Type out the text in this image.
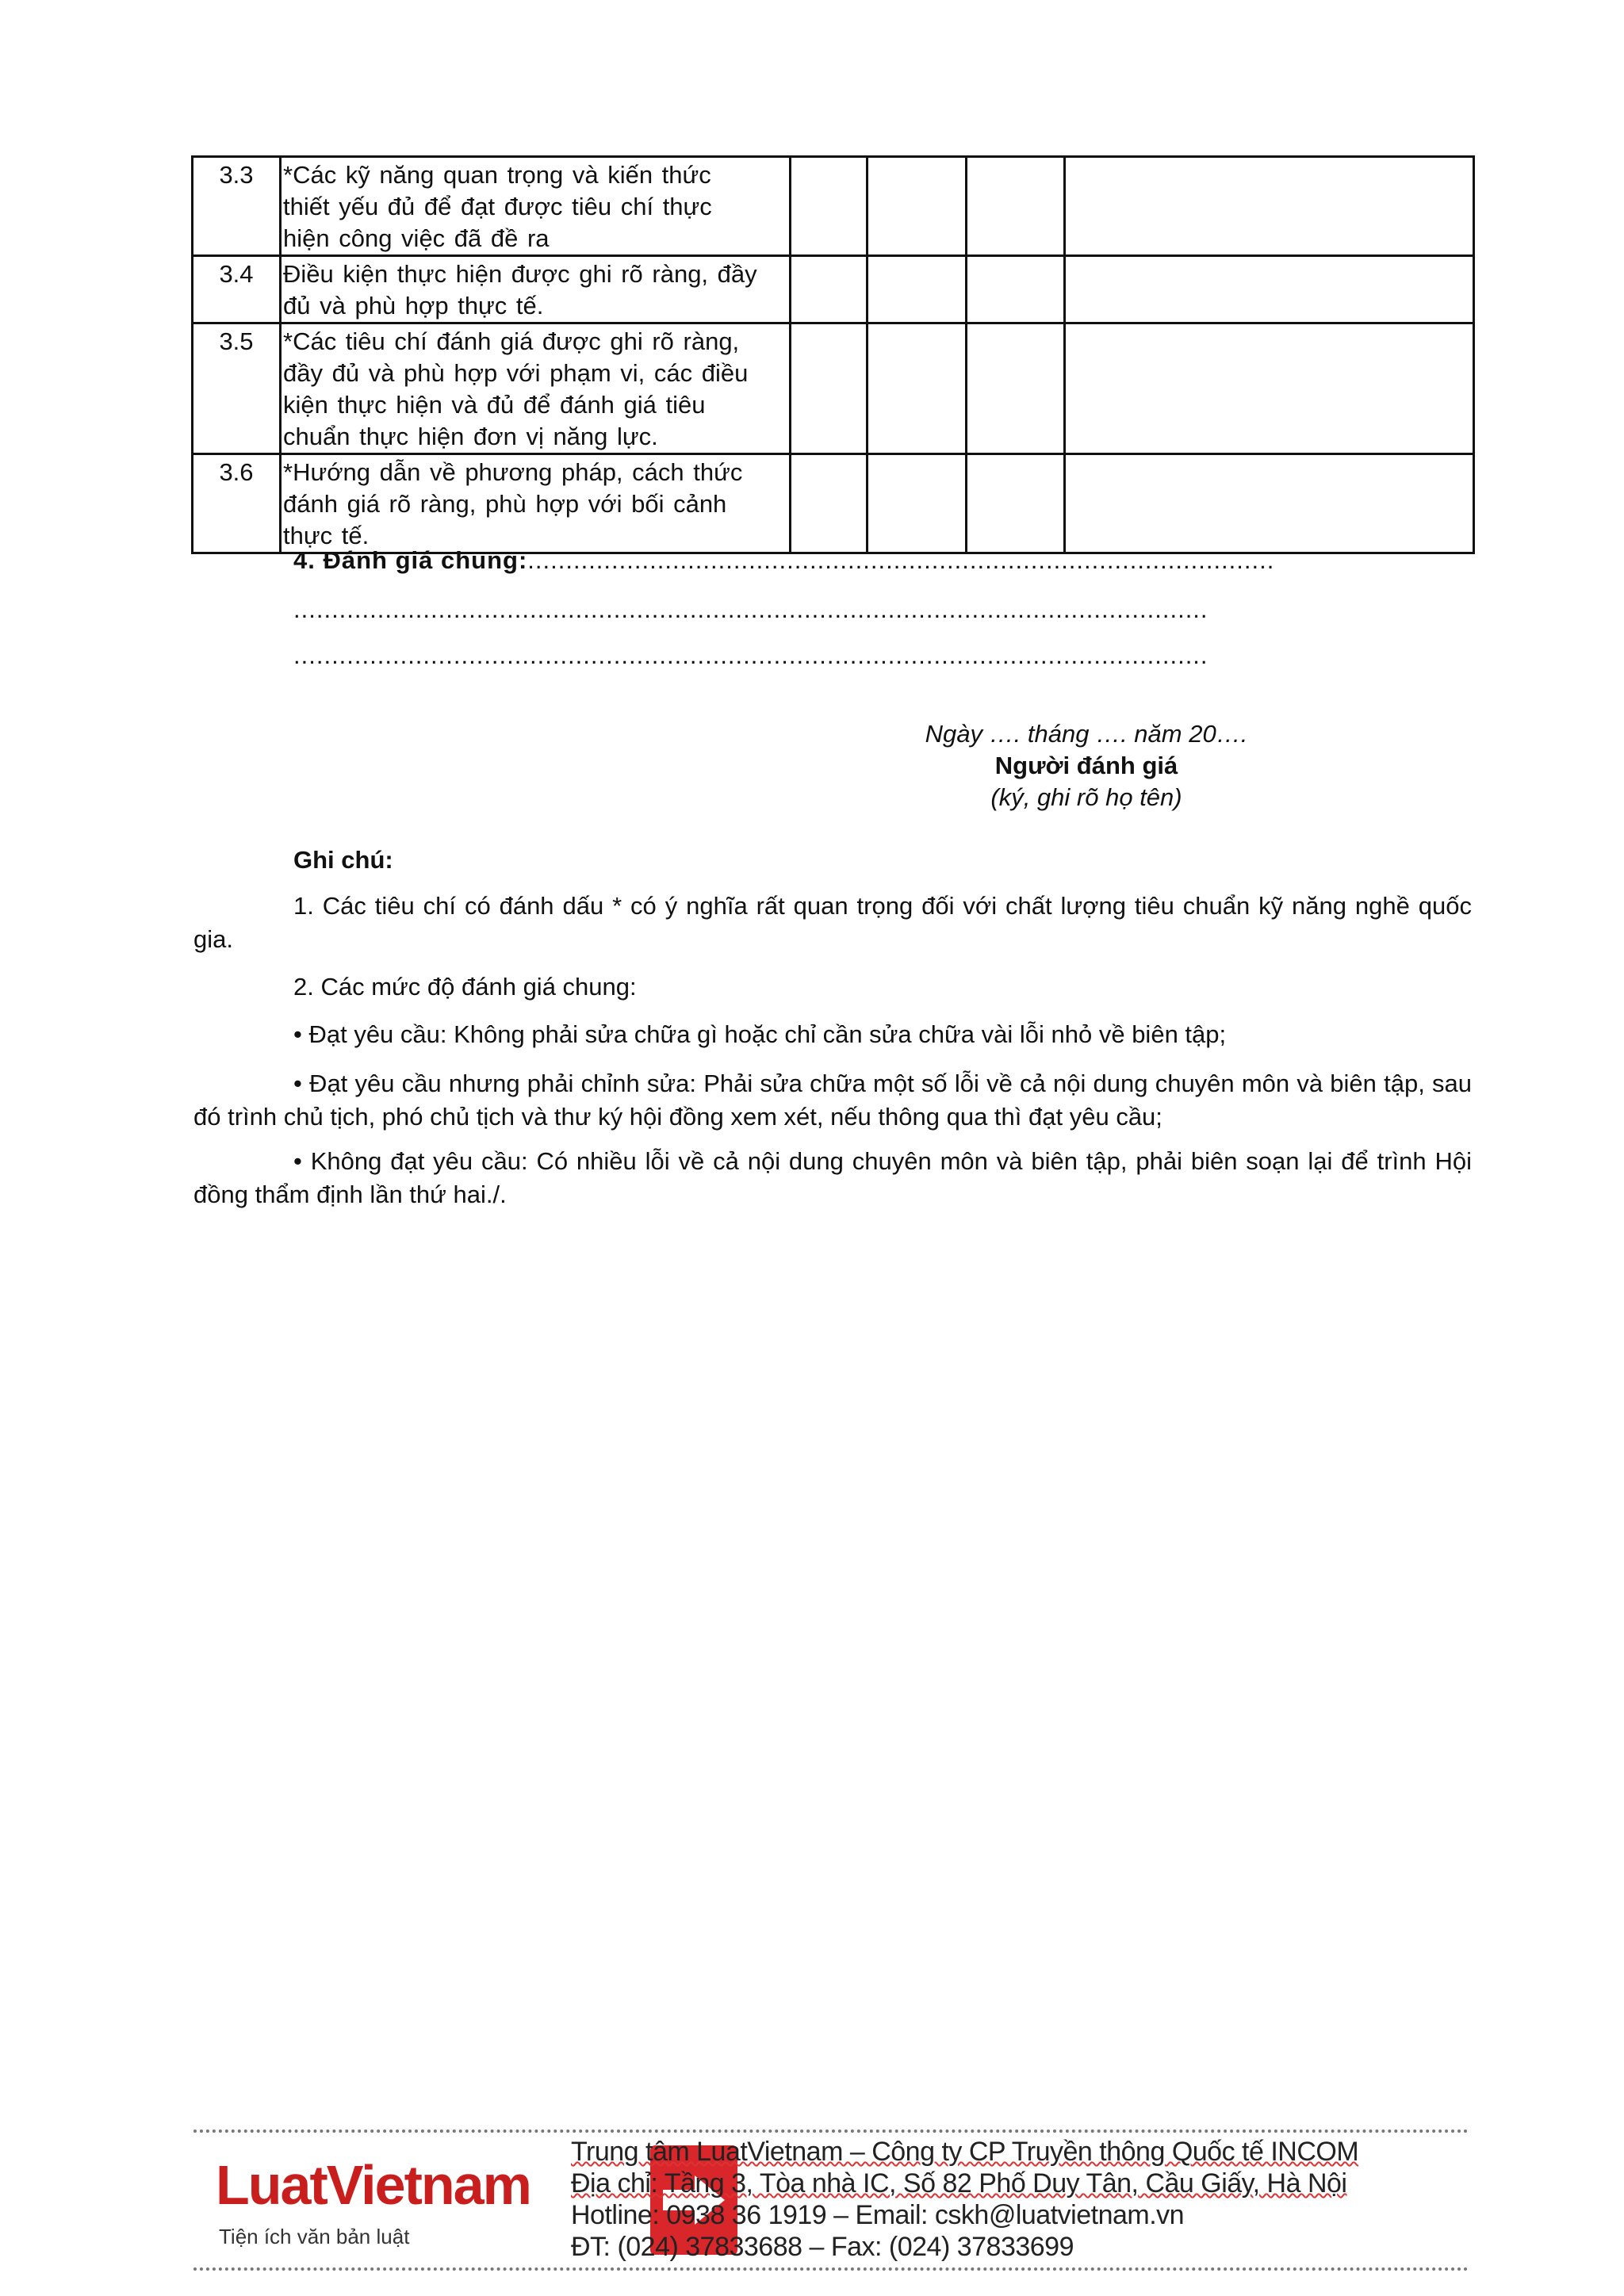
3.3	*Các kỹ năng quan trọng và kiến thức
thiết yếu đủ để đạt được tiêu chí thực
hiện công việc đã đề ra				

3.4	Điều kiện thực hiện được ghi rõ ràng, đầy
đủ và phù hợp thực tế.				

3.5	*Các tiêu chí đánh giá được ghi rõ ràng,
đầy đủ và phù hợp với phạm vi, các điều
kiện thực hiện và đủ để đánh giá tiêu
chuẩn thực hiện đơn vị năng lực.				

3.6	*Hướng dẫn về phương pháp, cách thức
đánh giá rõ ràng, phù hợp với bối cảnh
thực tế.				

4. Đánh giá chung:..................................................................................................
........................................................................................................................
........................................................................................................................
Ngày …. tháng …. năm 20….
Người đánh giá
(ký, ghi rõ họ tên)
Ghi chú:
1. Các tiêu chí có đánh dấu * có ý nghĩa rất quan trọng đối với chất lượng tiêu chuẩn kỹ năng nghề quốc gia.
2. Các mức độ đánh giá chung:
• Đạt yêu cầu: Không phải sửa chữa gì hoặc chỉ cần sửa chữa vài lỗi nhỏ về biên tập;
• Đạt yêu cầu nhưng phải chỉnh sửa: Phải sửa chữa một số lỗi về cả nội dung chuyên môn và biên tập, sau đó trình chủ tịch, phó chủ tịch và thư ký hội đồng xem xét, nếu thông qua thì đạt yêu cầu;
• Không đạt yêu cầu: Có nhiều lỗi về cả nội dung chuyên môn và biên tập, phải biên soạn lại để trình Hội đồng thẩm định lần thứ hai./.
LuatVietnam
Tiện ích văn bản luật
Trung tâm LuatVietnam – Công ty CP Truyền thông Quốc tế INCOM
Địa chỉ: Tầng 3, Tòa nhà IC, Số 82 Phố Duy Tân, Cầu Giấy, Hà Nội
Hotline: 0938 36 1919 – Email: cskh@luatvietnam.vn
ĐT: (024) 37833688 – Fax: (024) 37833699
